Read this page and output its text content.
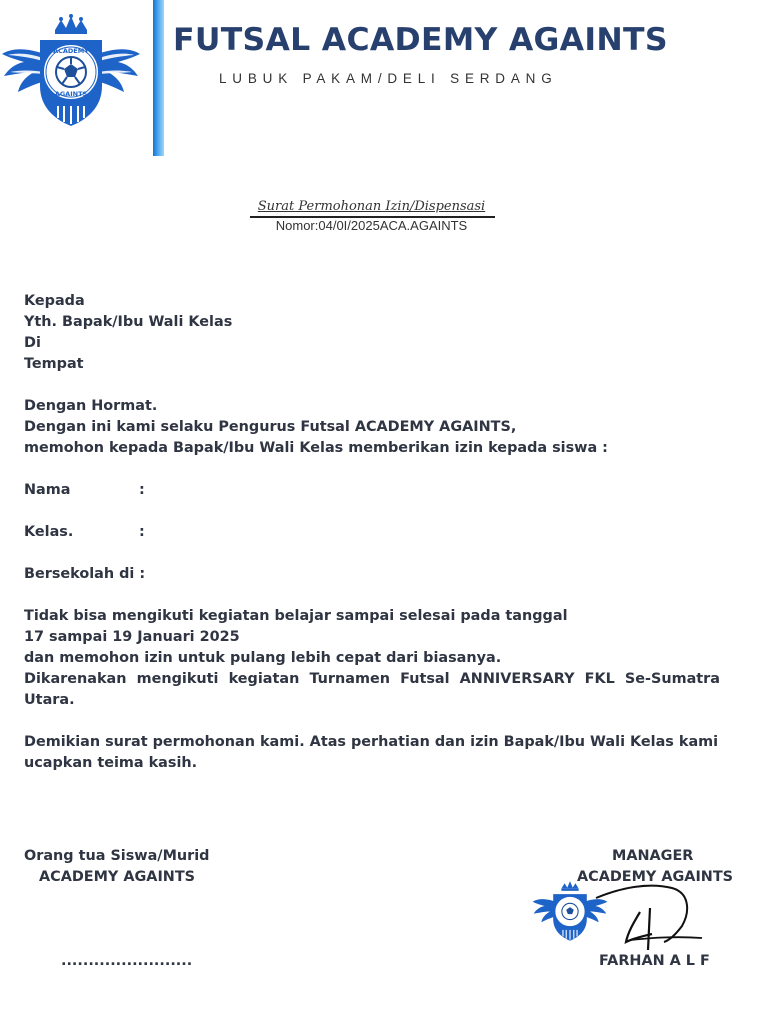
ACADEMY
AGAINTS
FUTSAL ACADEMY AGAINTS
LUBUK PAKAM/DELI SERDANG
Surat Permohonan Izin/Dispensasi
Nomor:04/0I/2025ACA.AGAINTS
Kepada
Yth. Bapak/Ibu Wali Kelas
Di
Tempat
Dengan Hormat.
Dengan ini kami selaku Pengurus Futsal ACADEMY AGAINTS,
memohon kepada Bapak/Ibu Wali Kelas memberikan izin kepada siswa :
Nama	:
Kelas.	:
Bersekolah di :
Tidak bisa mengikuti kegiatan belajar sampai selesai pada tanggal
17 sampai 19 Januari 2025
dan memohon izin untuk pulang lebih cepat dari biasanya.
Dikarenakan mengikuti kegiatan Turnamen Futsal ANNIVERSARY FKL Se-Sumatra
Utara.
Demikian surat permohonan kami. Atas perhatian dan izin Bapak/Ibu Wali Kelas kami
ucapkan teima kasih.
Orang tua Siswa/Murid
ACADEMY AGAINTS
........................
MANAGER
ACADEMY AGAINTS
FARHAN A L F
